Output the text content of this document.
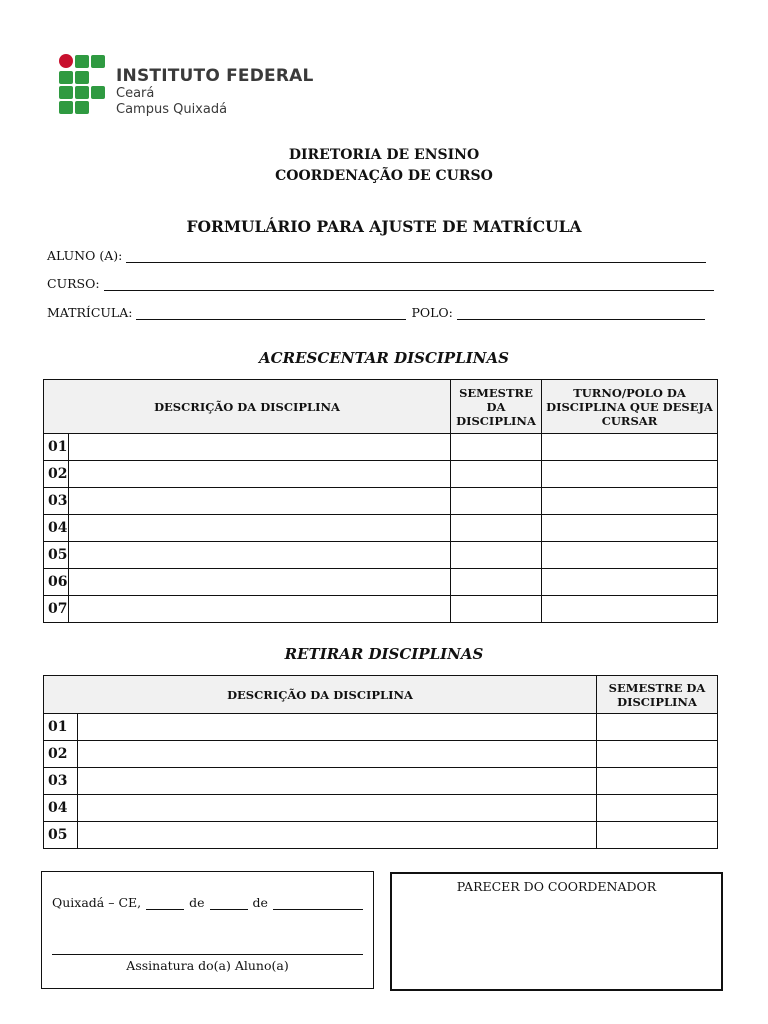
INSTITUTO FEDERAL
Ceará
Campus Quixadá
DIRETORIA DE ENSINO
COORDENAÇÃO DE CURSO
FORMULÁRIO PARA AJUSTE DE MATRÍCULA
ALUNO (A):
CURSO:
MATRÍCULA:	POLO:
ACRESCENTAR DISCIPLINAS
DESCRIÇÃO DA DISCIPLINA		SEMESTRE DA DISCIPLINA	TURNO/POLO DA DISCIPLINA QUE DESEJA CURSAR
01			
02			
03			
04			
05			
06			
07			
RETIRAR DISCIPLINAS
DESCRIÇÃO DA DISCIPLINA		SEMESTRE DA DISCIPLINA
01		
02		
03		
04		
05		
Quixadá – CE,	de	de
Assinatura do(a) Aluno(a)
PARECER DO COORDENADOR
